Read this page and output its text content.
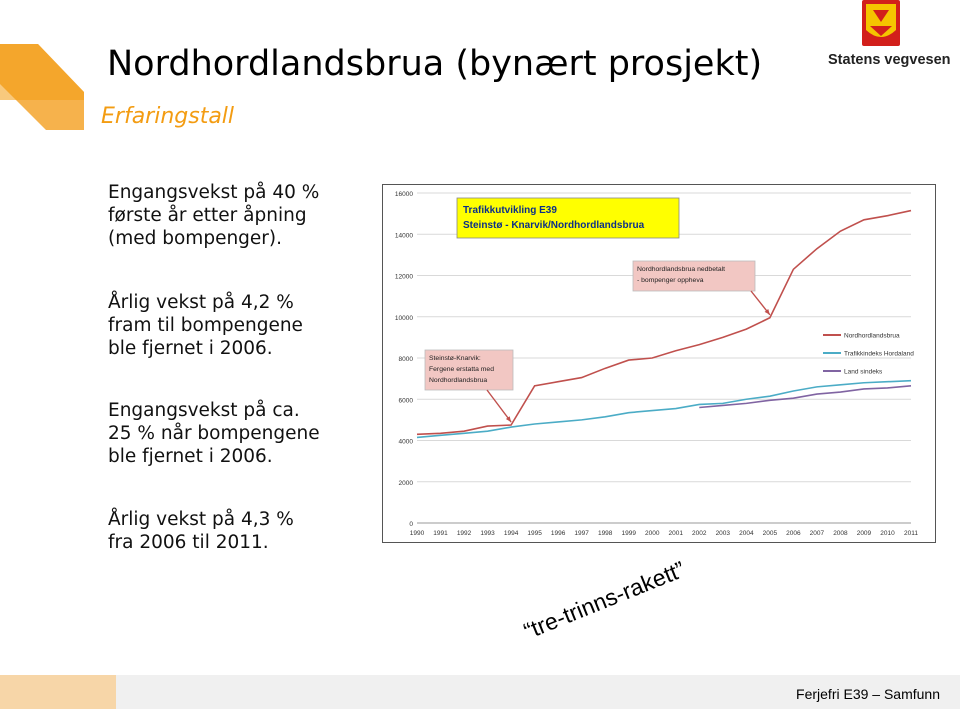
Nordhordlandsbrua (bynært prosjekt)
Erfaringstall
Statens vegvesen
Engangsvekst på 40 %
første år etter åpning
(med bompenger).
Årlig vekst på 4,2 %
fram til bompengene
ble fjernet i 2006.
Engangsvekst på ca.
25 % når bompengene
ble fjernet i 2006.
Årlig vekst på 4,3 %
fra 2006 til 2011.
0
2000
4000
6000
8000
10000
12000
14000
16000
1990 1991 1992 1993 1994 1995 1996 1997 1998 1999 2000 2001 2002 2003 2004 2005 2006 2007 2008 2009 2010 2011
Nordhordlandsbrua
Trafikkindeks Hordaland
Land sindeks
Trafikkutvikling E39
Steinstø - Knarvik/Nordhordlandsbrua
Nordhordlandsbrua nedbetalt
- bompenger oppheva
Steinstø-Knarvik:
Fergene erstatta med
Nordhordlandsbrua
“tre-trinns-rakett”
Ferjefri E39 – Samfunn
